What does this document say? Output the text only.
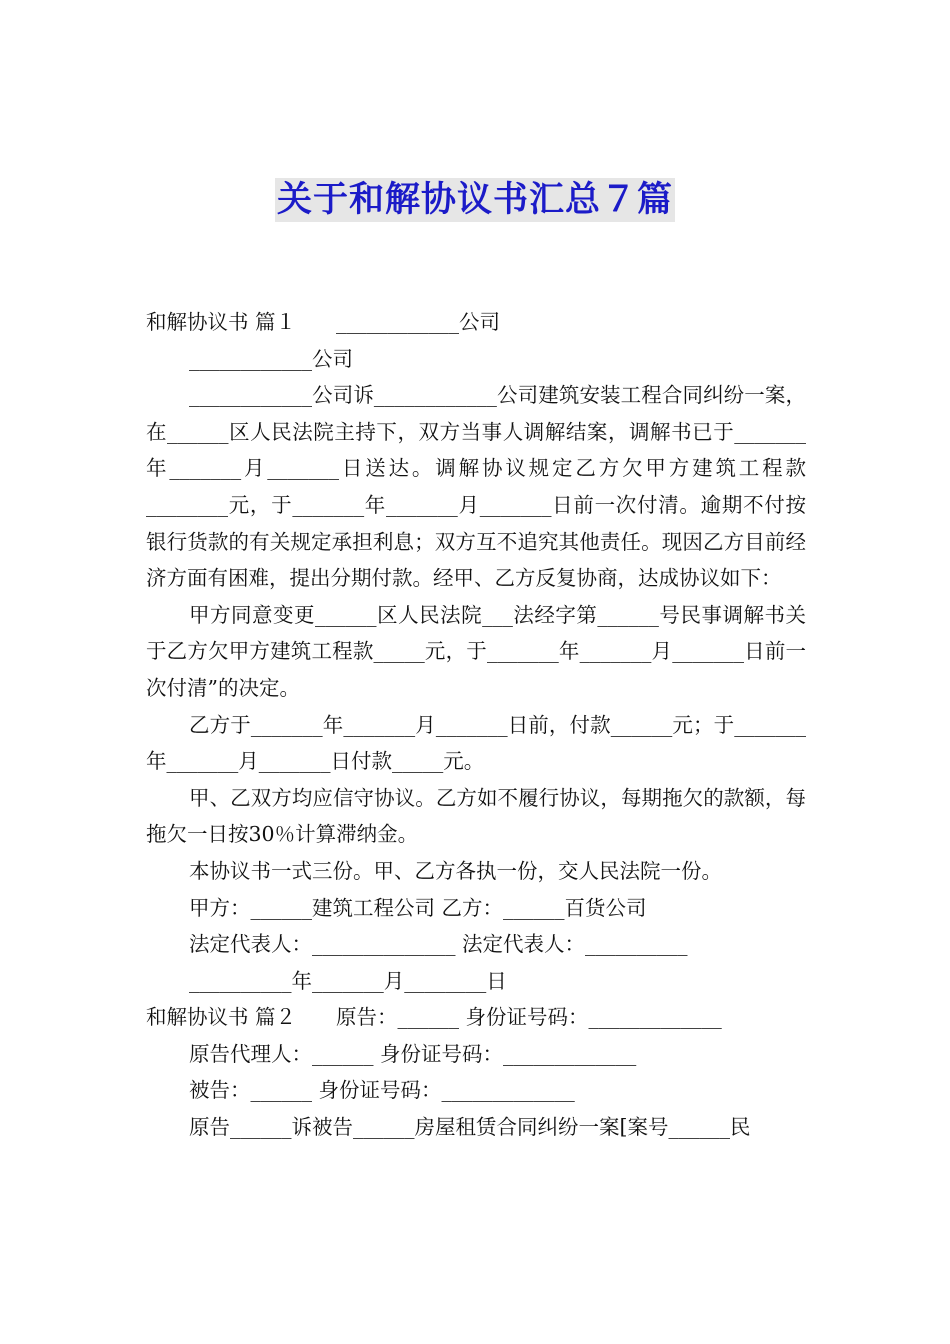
关于和解协议书汇总７篇

和解协议书 篇１ ____________公司

____________公司

____________公司诉____________公司建筑安装工程合同纠纷一案，在______区人民法院主持下，双方当事人调解结案，调解书已于_______年_______月_______日送达。调解协议规定乙方欠甲方建筑工程款________元，于_______年_______月_______日前一次付清。逾期不付按银行货款的有关规定承担利息；双方互不追究其他责任。现因乙方目前经济方面有困难，提出分期付款。经甲、乙方反复协商，达成协议如下：

甲方同意变更______区人民法院___法经字第______号民事调解书关于乙方欠甲方建筑工程款_____元，于_______年_______月_______日前一次付清”的决定。

乙方于_______年_______月_______日前，付款______元；于_______年_______月_______日付款_____元。

甲、乙双方均应信守协议。乙方如不履行协议，每期拖欠的款额，每拖欠一日按30％计算滞纳金。

本协议书一式三份。甲、乙方各执一份，交人民法院一份。

甲方：______建筑工程公司 乙方：______百货公司

法定代表人：______________ 法定代表人：__________

__________年_______月________日

和解协议书 篇２ 原告：______ 身份证号码：_____________

原告代理人：______ 身份证号码：_____________

被告：______ 身份证号码：_____________

原告______诉被告______房屋租赁合同纠纷一案[案号______民
